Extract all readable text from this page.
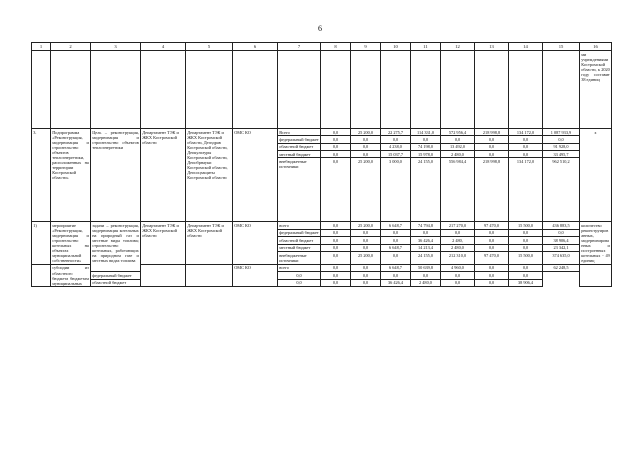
6
1	2	3	4	5	6	7	8	9	10	11	12	13	14	15	16
															ми учреждениями Костромской области, к 2020 году составит 38 единиц
3.	Подпрограмма «Реконструкция, модернизация и строительство объектов теплоэнергетики, расположенных на территории Костромской области»	Цель – реконструкция, модернизация и строительство объектов теплоэнергетики	Департамент ТЭК и ЖКХ Костромской области	Департамент ТЭК и ЖКХ Костромской области, Депздрав Костромской области, Депкультуры Костромской области, Депобрнауки Костромской области, Депсоцзащиты Костромской области	ОМС КО	Всего	0,0	25 200,0	22 275,7	114 331,0	572 956,4	218 998,8	134 172,0	1 087 933,9	х
						федеральный бюджет	0,0	0,0	0,0	0,0	0,0	0,0	0,0	0,0	
						областной бюджет	0,0	0,0	4 238,0	74 198,0	13 492,0	0,0	0,0	91 928,0	
						местный бюджет	0,0	0,0	15 037,7	15 978,0	2 480,0	0,0	0,0	33 495,7	
						внебюджетные источники	0,0	25 200,0	3 000,0	24 155,0	556 984,4	218 998,8	134 172,0	962 510,2	
1)	мероприятие «Реконструкция, модернизация и строительство котельных на объектах муниципальной собственности»	задачи – реконструкция, модернизация котельных на природный газ и местные виды топлива; строительство котельных, работающих на природном газе и местных видах топлива	Департамент ТЭК и ЖКХ Костромской области	Департамент ТЭК и ЖКХ Костромской области	ОМС КО	всего	0,0	25 200,0	6 648,7	74 794,8	217 270,0	97 470,0	15 500,0	436 883,5	количество реконструированных, модернизированных и построенных котельных - 49 единиц
						федеральный бюджет	0,0	0,0	0,0	0,0	0,0	0,0	0,0	0,0	
						областной бюджет	0,0	0,0	0,0	36 426,4	2 480,	0,0	0,0	38 906,4	
						местный бюджет	0,0	0,0	6 648,7	14 213,4	2 480,0	0,0	0,0	23 342,1	
						внебюджетные источники	0,0	25 200,0	0,0	24 155,0	212 310,0	97 470,0	15 500,0	374 635,0	
	субсидии из областного бюджета бюджетам муниципальных				ОМС КО	всего	0,0	0,0	6 648,7	50 639,8	4 960,0	0,0	0,0	62 248,5	
		федеральный бюджет				0,0	0,0	0,0	0,0	0,0	0,0	0,0	0,0		
		областной бюджет				0,0	0,0	0,0	36 426,4	2 480,0	0,0	0,0	38 906,4		
